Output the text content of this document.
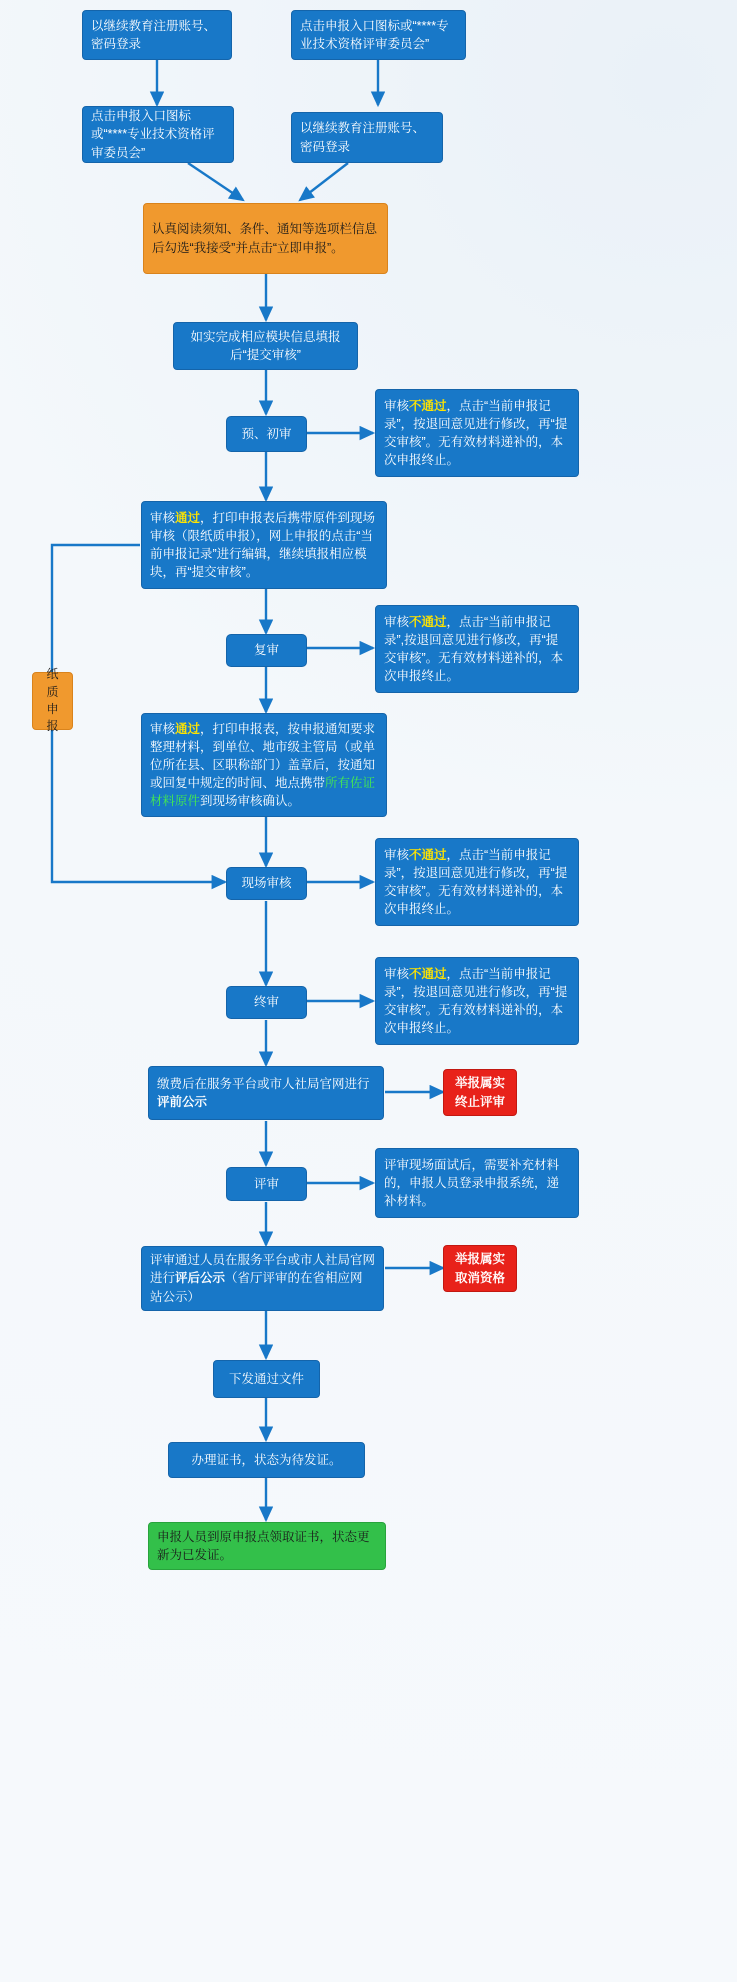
以继续教育注册账号、密码登录
点击申报入口图标或“****专业技术资格评审委员会”
点击申报入口图标或“****专业技术资格评审委员会”
以继续教育注册账号、密码登录
认真阅读须知、条件、通知等选项栏信息后勾选“我接受”并点击“立即申报”。
如实完成相应模块信息填报后“提交审核”
预、初审
审核不通过，点击“当前申报记录”，按退回意见进行修改，再“提交审核”。无有效材料递补的，本次申报终止。
审核通过，打印申报表后携带原件到现场审核（限纸质申报），网上申报的点击“当前申报记录”进行编辑，继续填报相应模块，再“提交审核”。
纸质申报
复审
审核不通过，点击“当前申报记录”,按退回意见进行修改，再“提交审核”。无有效材料递补的，本次申报终止。
审核通过，打印申报表，按申报通知要求整理材料，到单位、地市级主管局（或单位所在县、区职称部门）盖章后，按通知或回复中规定的时间、地点携带所有佐证材料原件到现场审核确认。
现场审核
审核不通过，点击“当前申报记录”，按退回意见进行修改，再“提交审核”。无有效材料递补的，本次申报终止。
终审
审核不通过，点击“当前申报记录”，按退回意见进行修改，再“提交审核”。无有效材料递补的，本次申报终止。
缴费后在服务平台或市人社局官网进行评前公示
举报属实终止评审
评审
评审现场面试后，需要补充材料的，申报人员登录申报系统，递补材料。
评审通过人员在服务平台或市人社局官网进行评后公示（省厅评审的在省相应网站公示）
举报属实取消资格
下发通过文件
办理证书，状态为待发证。
申报人员到原申报点领取证书，状态更新为已发证。
